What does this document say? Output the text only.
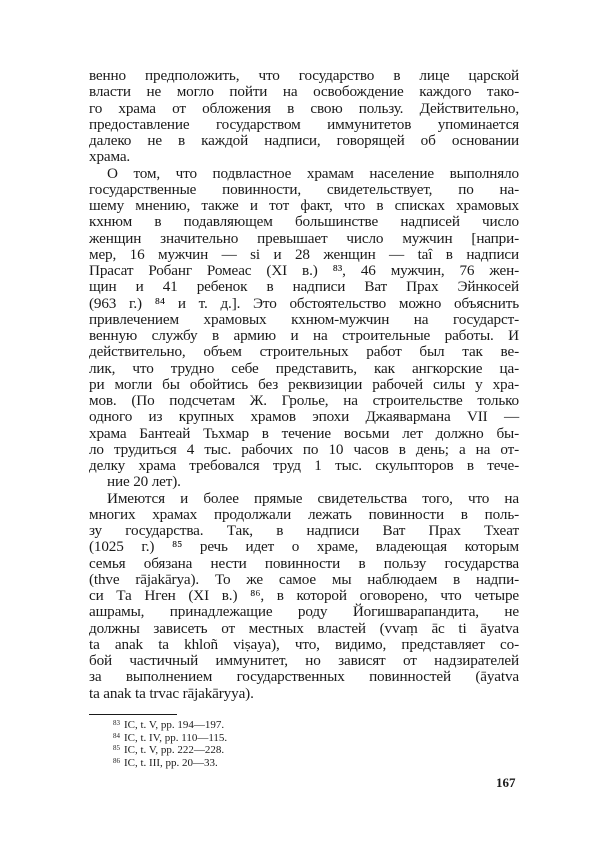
венно предположить, что государство в лице царской
власти не могло пойти на освобождение каждого тако-
го храма от обложения в свою пользу. Действительно,
предоставление государством иммунитетов упоминается
далеко не в каждой надписи, говорящей об основании
храма.
О том, что подвластное храмам население выполняло
государственные повинности, свидетельствует, по на-
шему мнению, также и тот факт, что в списках храмовых
кхнюм в подавляющем большинстве надписей число
женщин значительно превышает число мужчин [напри-
мер, 16 мужчин — si и 28 женщин — taî в надписи
Прасат Робанг Ромеас (XI в.) ⁸³, 46 мужчин, 76 жен-
щин и 41 ребенок в надписи Ват Прах Эйнкосей
(963 г.) ⁸⁴ и т. д.]. Это обстоятельство можно объяснить
привлечением храмовых кхнюм-мужчин на государст-
венную службу в армию и на строительные работы. И
действительно, объем строительных работ был так ве-
лик, что трудно себе представить, как ангкорские ца-
ри могли бы обойтись без реквизиции рабочей силы у хра-
мов. (По подсчетам Ж. Гролье, на строительстве только
одного из крупных храмов эпохи Джаявармана VII —
храма Бантеай Тьхмар в течение восьми лет должно бы-
ло трудиться 4 тыс. рабочих по 10 часов в день; а на от-
делку храма требовался труд 1 тыс. скульпторов в тече-
ние 20 лет).
Имеются и более прямые свидетельства того, что на
многих храмах продолжали лежать повинности в поль-
зу государства. Так, в надписи Ват Прах Тхеат
(1025 г.) ⁸⁵ речь идет о храме, владеющая которым
семья обязана нести повинности в пользу государства
(thve rājakārya). То же самое мы наблюдаем в надпи-
си Та Нген (XI в.) ⁸⁶, в которой оговорено, что четыре
ашрамы, принадлежащие роду Йогишварапандита, не
должны зависеть от местных властей (vvaṃ āc ti āyatva
ta anak ta khloñ viṣaya), что, видимо, представляет со-
бой частичный иммунитет, но зависят от надзирателей
за выполнением государственных повинностей (āyatva
ta anak ta trvac rājakāryya).
$^{83}$ IC, t. V, pp. 194—197.
$^{84}$ IC, t. IV, pp. 110—115.
$^{85}$ IC, t. V, pp. 222—228.
$^{86}$ IC, t. III, pp. 20—33.
167
